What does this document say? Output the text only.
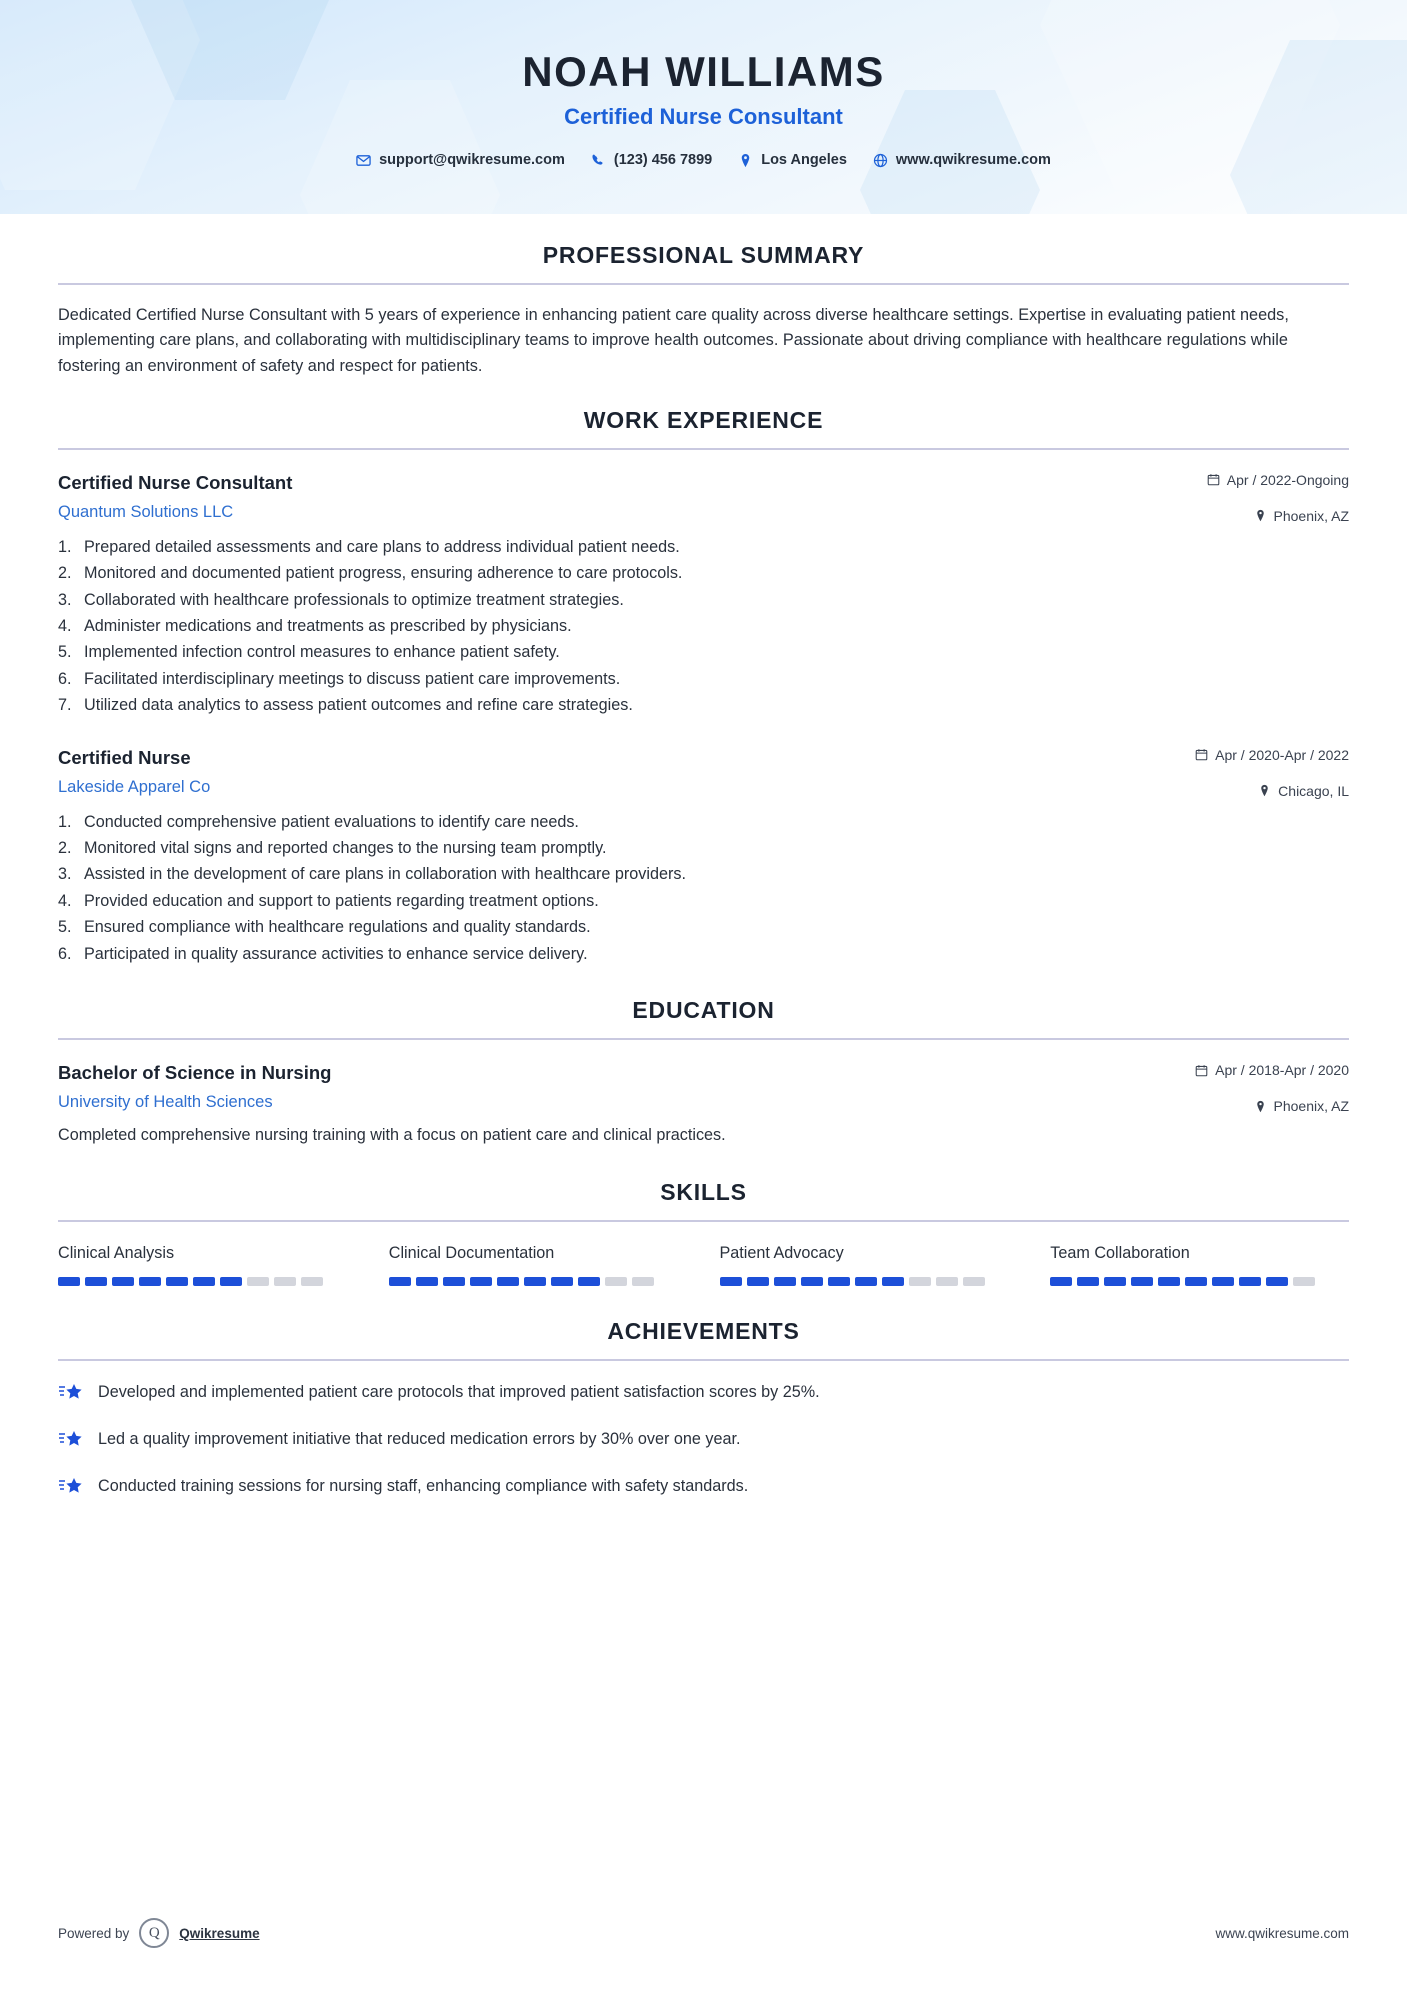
NOAH WILLIAMS
Certified Nurse Consultant
support@qwikresume.com	(123) 456 7899	Los Angeles	www.qwikresume.com
PROFESSIONAL SUMMARY

Dedicated Certified Nurse Consultant with 5 years of experience in enhancing patient care quality across diverse healthcare settings. Expertise in evaluating patient needs, implementing care plans, and collaborating with multidisciplinary teams to improve health outcomes. Passionate about driving compliance with healthcare regulations while fostering an environment of safety and respect for patients.

WORK EXPERIENCE
Certified Nurse Consultant
Quantum Solutions LLC
Apr / 2022-Ongoing
Phoenix, AZ
1. Prepared detailed assessments and care plans to address individual patient needs.
2. Monitored and documented patient progress, ensuring adherence to care protocols.
3. Collaborated with healthcare professionals to optimize treatment strategies.
4. Administer medications and treatments as prescribed by physicians.
5. Implemented infection control measures to enhance patient safety.
6. Facilitated interdisciplinary meetings to discuss patient care improvements.
7. Utilized data analytics to assess patient outcomes and refine care strategies.
Certified Nurse
Lakeside Apparel Co
Apr / 2020-Apr / 2022
Chicago, IL
1. Conducted comprehensive patient evaluations to identify care needs.
2. Monitored vital signs and reported changes to the nursing team promptly.
3. Assisted in the development of care plans in collaboration with healthcare providers.
4. Provided education and support to patients regarding treatment options.
5. Ensured compliance with healthcare regulations and quality standards.
6. Participated in quality assurance activities to enhance service delivery.
EDUCATION
Bachelor of Science in Nursing
University of Health Sciences
Apr / 2018-Apr / 2020
Phoenix, AZ
Completed comprehensive nursing training with a focus on patient care and clinical practices.
SKILLS
Clinical Analysis	Clinical Documentation	Patient Advocacy	Team Collaboration
ACHIEVEMENTS
Developed and implemented patient care protocols that improved patient satisfaction scores by 25%.
Led a quality improvement initiative that reduced medication errors by 30% over one year.
Conducted training sessions for nursing staff, enhancing compliance with safety standards.
Powered by	Q	Qwikresume	www.qwikresume.com
